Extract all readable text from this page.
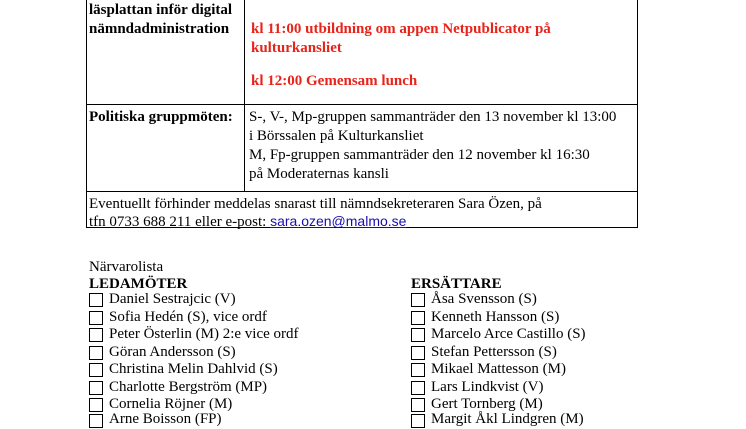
läsplattan inför digital
nämndadministration kl 11:00 utbildning om appen Netpublicator på
kulturkansliet
kl 12:00 Gemensam lunch
Politiska gruppmöten: S-, V-, Mp-gruppen sammanträder den 13 november kl 13:00
i Börssalen på Kulturkansliet
M, Fp-gruppen sammanträder den 12 november kl 16:30
på Moderaternas kansli
Eventuellt förhinder meddelas snarast till nämndsekreteraren Sara Özen, på
tfn 0733 688 211 eller e-post: sara.ozen@malmo.se
Närvarolista
LEDAMÖTER	ERSÄTTARE
Daniel Sestrajcic (V)
Sofia Hedén (S), vice ordf
Peter Österlin (M) 2:e vice ordf
Göran Andersson (S)
Christina Melin Dahlvid (S)
Charlotte Bergström (MP)
Cornelia Röjner (M)
Arne Boisson (FP)
Åsa Svensson (S)
Kenneth Hansson (S)
Marcelo Arce Castillo (S)
Stefan Pettersson (S)
Mikael Mattesson (M)
Lars Lindkvist (V)
Gert Tornberg (M)
Margit Åkl Lindgren (M)
